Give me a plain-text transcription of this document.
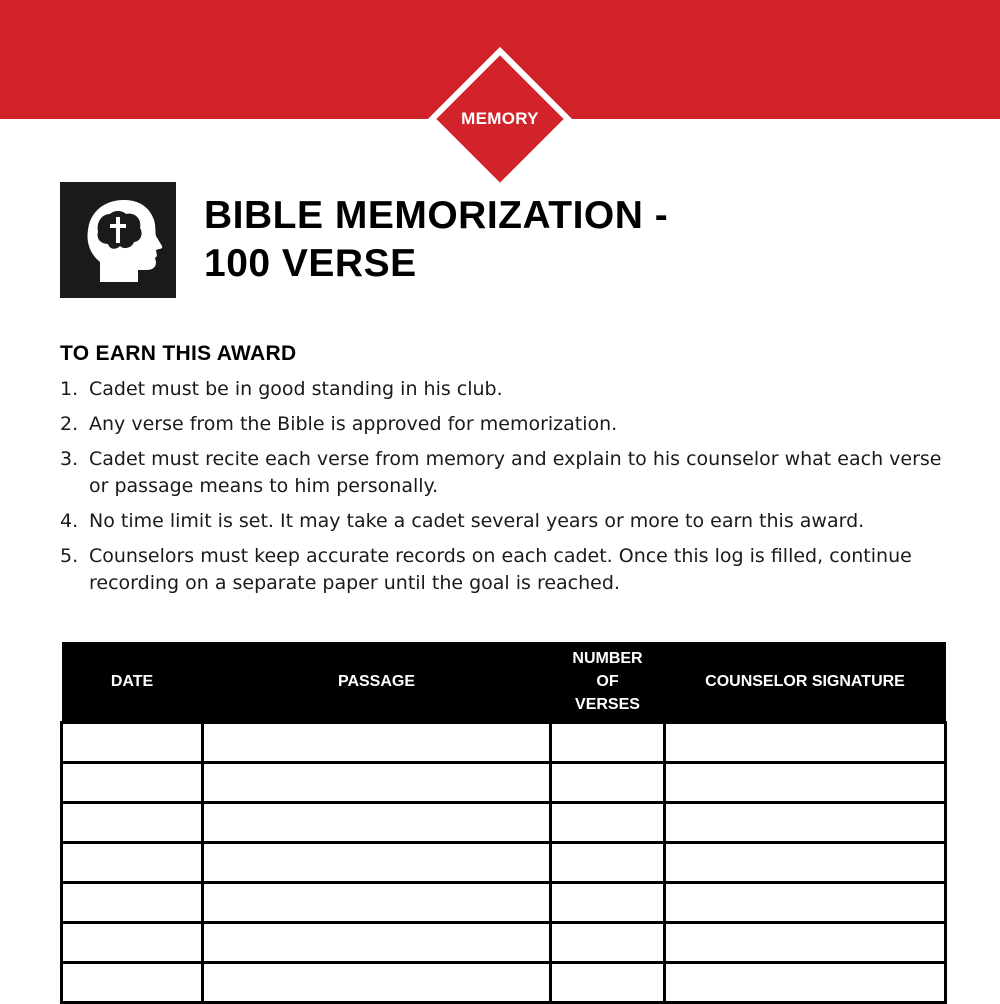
MEMORY
BIBLE MEMORIZATION -
100 VERSE
TO EARN THIS AWARD
1. Cadet must be in good standing in his club.
2. Any verse from the Bible is approved for memorization.
3. Cadet must recite each verse from memory and explain to his counselor what each verse or passage means to him personally.
4. No time limit is set. It may take a cadet several years or more to earn this award.
5. Counselors must keep accurate records on each cadet. Once this log is filled, continue recording on a separate paper until the goal is reached.
DATE	PASSAGE	NUMBER
OF
VERSES	COUNSELOR SIGNATURE
